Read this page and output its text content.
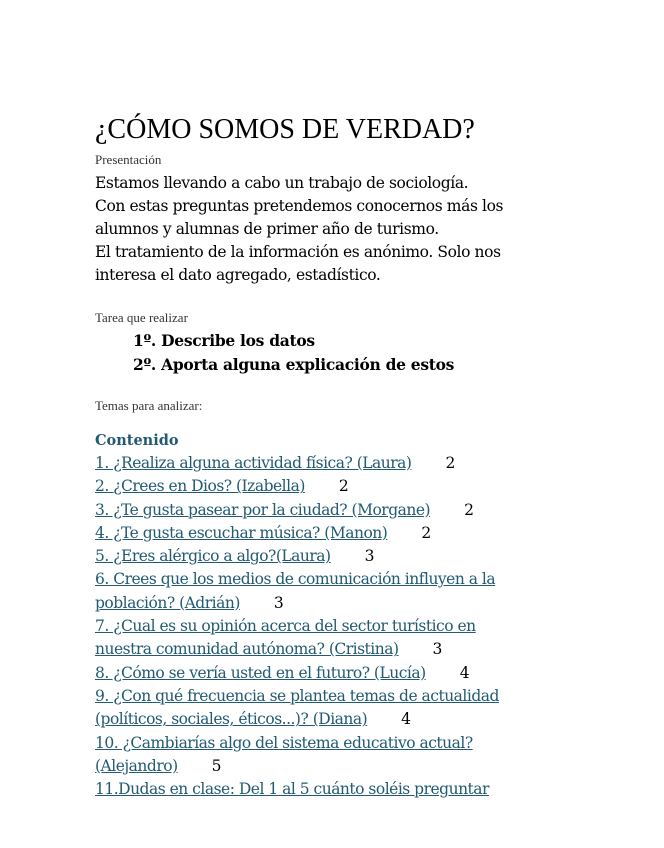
¿CÓMO SOMOS DE VERDAD?
Presentación
Estamos llevando a cabo un trabajo de sociología.
Con estas preguntas pretendemos conocernos más los
alumnos y alumnas de primer año de turismo.
El tratamiento de la información es anónimo. Solo nos
interesa el dato agregado, estadístico.
Tarea que realizar
1º. Describe los datos
2º. Aporta alguna explicación de estos
Temas para analizar:
Contenido
1. ¿Realiza alguna actividad física? (Laura) 2
2. ¿Crees en Dios? (Izabella) 2
3. ¿Te gusta pasear por la ciudad? (Morgane) 2
4. ¿Te gusta escuchar música? (Manon) 2
5. ¿Eres alérgico a algo?(Laura) 3
6. Crees que los medios de comunicación influyen a la
población? (Adrián) 3
7. ¿Cual es su opinión acerca del sector turístico en
nuestra comunidad autónoma? (Cristina) 3
8. ¿Cómo se vería usted en el futuro? (Lucía) 4
9. ¿Con qué frecuencia se plantea temas de actualidad
(políticos, sociales, éticos...)? (Diana) 4
10. ¿Cambiarías algo del sistema educativo actual?
(Alejandro) 5
11.Dudas en clase: Del 1 al 5 cuánto soléis preguntar
